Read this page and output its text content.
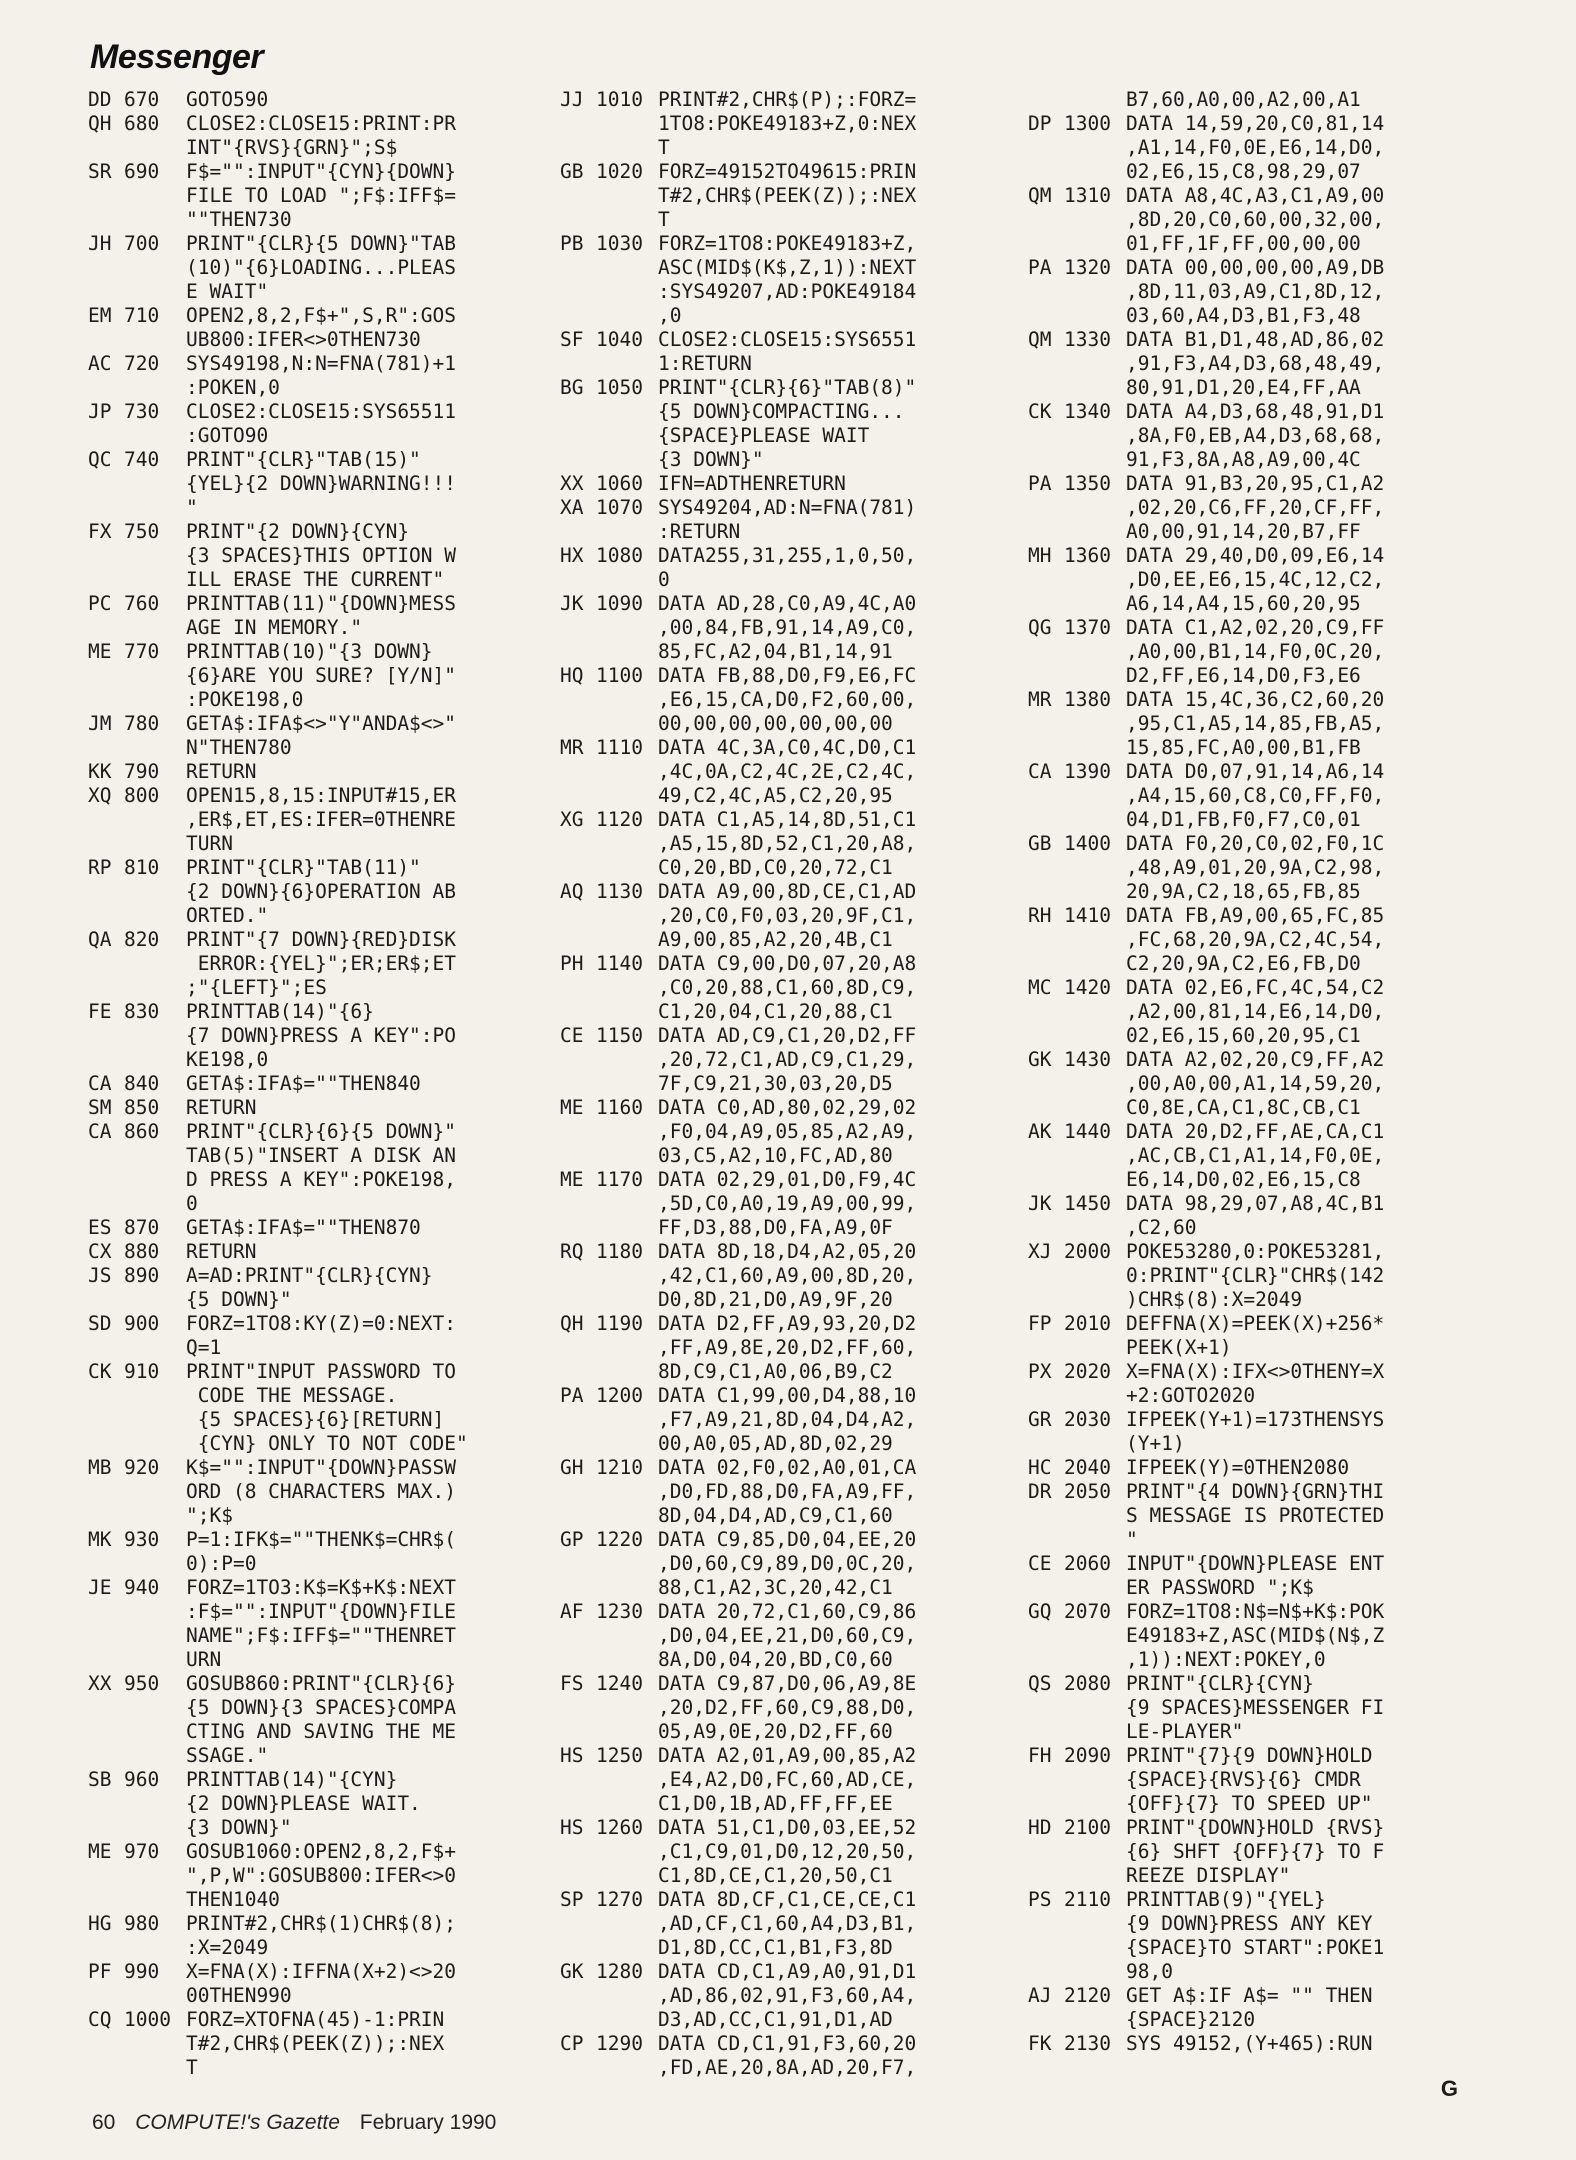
Messenger
DD 670	GOTO590
QH 680	CLOSE2:CLOSE15:PRINT:PR
INT"{RVS}{GRN}";S$
SR 690	F$="":INPUT"{CYN}{DOWN}
FILE TO LOAD ";F$:IFF$=
""THEN730
JH 700	PRINT"{CLR}{5 DOWN}"TAB
(10)"{6}LOADING...PLEAS
E WAIT"
EM 710	OPEN2,8,2,F$+",S,R":GOS
UB800:IFER<>0THEN730
AC 720	SYS49198,N:N=FNA(781)+1
:POKEN,0
JP 730	CLOSE2:CLOSE15:SYS65511
:GOTO90
QC 740	PRINT"{CLR}"TAB(15)"
{YEL}{2 DOWN}WARNING!!!
"
FX 750	PRINT"{2 DOWN}{CYN}
{3 SPACES}THIS OPTION W
ILL ERASE THE CURRENT"
PC 760	PRINTTAB(11)"{DOWN}MESS
AGE IN MEMORY."
ME 770	PRINTTAB(10)"{3 DOWN}
{6}ARE YOU SURE? [Y/N]"
:POKE198,0
JM 780	GETA$:IFA$<>"Y"ANDA$<>"
N"THEN780
KK 790	RETURN
XQ 800	OPEN15,8,15:INPUT#15,ER
,ER$,ET,ES:IFER=0THENRE
TURN
RP 810	PRINT"{CLR}"TAB(11)"
{2 DOWN}{6}OPERATION AB
ORTED."
QA 820	PRINT"{7 DOWN}{RED}DISK
ERROR:{YEL}";ER;ER$;ET
;"{LEFT}";ES
FE 830	PRINTTAB(14)"{6}
{7 DOWN}PRESS A KEY":PO
KE198,0
CA 840	GETA$:IFA$=""THEN840
SM 850	RETURN
CA 860	PRINT"{CLR}{6}{5 DOWN}"
TAB(5)"INSERT A DISK AN
D PRESS A KEY":POKE198,
0
ES 870	GETA$:IFA$=""THEN870
CX 880	RETURN
JS 890	A=AD:PRINT"{CLR}{CYN}
{5 DOWN}"
SD 900	FORZ=1TO8:KY(Z)=0:NEXT:
Q=1
CK 910	PRINT"INPUT PASSWORD TO
CODE THE MESSAGE.
{5 SPACES}{6}[RETURN]
{CYN} ONLY TO NOT CODE"
MB 920	K$="":INPUT"{DOWN}PASSW
ORD (8 CHARACTERS MAX.)
";K$
MK 930	P=1:IFK$=""THENK$=CHR$(
0):P=0
JE 940	FORZ=1TO3:K$=K$+K$:NEXT
:F$="":INPUT"{DOWN}FILE
NAME";F$:IFF$=""THENRET
URN
XX 950	GOSUB860:PRINT"{CLR}{6}
{5 DOWN}{3 SPACES}COMPA
CTING AND SAVING THE ME
SSAGE."
SB 960	PRINTTAB(14)"{CYN}
{2 DOWN}PLEASE WAIT.
{3 DOWN}"
ME 970	GOSUB1060:OPEN2,8,2,F$+
",P,W":GOSUB800:IFER<>0
THEN1040
HG 980	PRINT#2,CHR$(1)CHR$(8);
:X=2049
PF 990	X=FNA(X):IFFNA(X+2)<>20
00THEN990
CQ 1000 FORZ=XTOFNA(45)-1:PRIN
T#2,CHR$(PEEK(Z));:NEX
T
JJ 1010 PRINT#2,CHR$(P);:FORZ=
1TO8:POKE49183+Z,0:NEX
T
GB 1020 FORZ=49152TO49615:PRIN
T#2,CHR$(PEEK(Z));:NEX
T
PB 1030 FORZ=1TO8:POKE49183+Z,
ASC(MID$(K$,Z,1)):NEXT
:SYS49207,AD:POKE49184
,0
SF 1040 CLOSE2:CLOSE15:SYS6551
1:RETURN
BG 1050 PRINT"{CLR}{6}"TAB(8)"
{5 DOWN}COMPACTING...
{SPACE}PLEASE WAIT
{3 DOWN}"
XX 1060 IFN=ADTHENRETURN
XA 1070 SYS49204,AD:N=FNA(781)
:RETURN
HX 1080 DATA255,31,255,1,0,50,
0
JK 1090 DATA AD,28,C0,A9,4C,A0
,00,84,FB,91,14,A9,C0,
85,FC,A2,04,B1,14,91
HQ 1100 DATA FB,88,D0,F9,E6,FC
,E6,15,CA,D0,F2,60,00,
00,00,00,00,00,00,00
MR 1110 DATA 4C,3A,C0,4C,D0,C1
,4C,0A,C2,4C,2E,C2,4C,
49,C2,4C,A5,C2,20,95
XG 1120 DATA C1,A5,14,8D,51,C1
,A5,15,8D,52,C1,20,A8,
C0,20,BD,C0,20,72,C1
AQ 1130 DATA A9,00,8D,CE,C1,AD
,20,C0,F0,03,20,9F,C1,
A9,00,85,A2,20,4B,C1
PH 1140 DATA C9,00,D0,07,20,A8
,C0,20,88,C1,60,8D,C9,
C1,20,04,C1,20,88,C1
CE 1150 DATA AD,C9,C1,20,D2,FF
,20,72,C1,AD,C9,C1,29,
7F,C9,21,30,03,20,D5
ME 1160 DATA C0,AD,80,02,29,02
,F0,04,A9,05,85,A2,A9,
03,C5,A2,10,FC,AD,80
ME 1170 DATA 02,29,01,D0,F9,4C
,5D,C0,A0,19,A9,00,99,
FF,D3,88,D0,FA,A9,0F
RQ 1180 DATA 8D,18,D4,A2,05,20
,42,C1,60,A9,00,8D,20,
D0,8D,21,D0,A9,9F,20
QH 1190 DATA D2,FF,A9,93,20,D2
,FF,A9,8E,20,D2,FF,60,
8D,C9,C1,A0,06,B9,C2
PA 1200 DATA C1,99,00,D4,88,10
,F7,A9,21,8D,04,D4,A2,
00,A0,05,AD,8D,02,29
GH 1210 DATA 02,F0,02,A0,01,CA
,D0,FD,88,D0,FA,A9,FF,
8D,04,D4,AD,C9,C1,60
GP 1220 DATA C9,85,D0,04,EE,20
,D0,60,C9,89,D0,0C,20,
88,C1,A2,3C,20,42,C1
AF 1230 DATA 20,72,C1,60,C9,86
,D0,04,EE,21,D0,60,C9,
8A,D0,04,20,BD,C0,60
FS 1240 DATA C9,87,D0,06,A9,8E
,20,D2,FF,60,C9,88,D0,
05,A9,0E,20,D2,FF,60
HS 1250 DATA A2,01,A9,00,85,A2
,E4,A2,D0,FC,60,AD,CE,
C1,D0,1B,AD,FF,FF,EE
HS 1260 DATA 51,C1,D0,03,EE,52
,C1,C9,01,D0,12,20,50,
C1,8D,CE,C1,20,50,C1
SP 1270 DATA 8D,CF,C1,CE,CE,C1
,AD,CF,C1,60,A4,D3,B1,
D1,8D,CC,C1,B1,F3,8D
GK 1280 DATA CD,C1,A9,A0,91,D1
,AD,86,02,91,F3,60,A4,
D3,AD,CC,C1,91,D1,AD
CP 1290 DATA CD,C1,91,F3,60,20
,FD,AE,20,8A,AD,20,F7,
B7,60,A0,00,A2,00,A1
DP 1300 DATA 14,59,20,C0,81,14
,A1,14,F0,0E,E6,14,D0,
02,E6,15,C8,98,29,07
QM 1310 DATA A8,4C,A3,C1,A9,00
,8D,20,C0,60,00,32,00,
01,FF,1F,FF,00,00,00
PA 1320 DATA 00,00,00,00,A9,DB
,8D,11,03,A9,C1,8D,12,
03,60,A4,D3,B1,F3,48
QM 1330 DATA B1,D1,48,AD,86,02
,91,F3,A4,D3,68,48,49,
80,91,D1,20,E4,FF,AA
CK 1340 DATA A4,D3,68,48,91,D1
,8A,F0,EB,A4,D3,68,68,
91,F3,8A,A8,A9,00,4C
PA 1350 DATA 91,B3,20,95,C1,A2
,02,20,C6,FF,20,CF,FF,
A0,00,91,14,20,B7,FF
MH 1360 DATA 29,40,D0,09,E6,14
,D0,EE,E6,15,4C,12,C2,
A6,14,A4,15,60,20,95
QG 1370 DATA C1,A2,02,20,C9,FF
,A0,00,B1,14,F0,0C,20,
D2,FF,E6,14,D0,F3,E6
MR 1380 DATA 15,4C,36,C2,60,20
,95,C1,A5,14,85,FB,A5,
15,85,FC,A0,00,B1,FB
CA 1390 DATA D0,07,91,14,A6,14
,A4,15,60,C8,C0,FF,F0,
04,D1,FB,F0,F7,C0,01
GB 1400 DATA F0,20,C0,02,F0,1C
,48,A9,01,20,9A,C2,98,
20,9A,C2,18,65,FB,85
RH 1410 DATA FB,A9,00,65,FC,85
,FC,68,20,9A,C2,4C,54,
C2,20,9A,C2,E6,FB,D0
MC 1420 DATA 02,E6,FC,4C,54,C2
,A2,00,81,14,E6,14,D0,
02,E6,15,60,20,95,C1
GK 1430 DATA A2,02,20,C9,FF,A2
,00,A0,00,A1,14,59,20,
C0,8E,CA,C1,8C,CB,C1
AK 1440 DATA 20,D2,FF,AE,CA,C1
,AC,CB,C1,A1,14,F0,0E,
E6,14,D0,02,E6,15,C8
JK 1450 DATA 98,29,07,A8,4C,B1
,C2,60
XJ 2000 POKE53280,0:POKE53281,
0:PRINT"{CLR}"CHR$(142
)CHR$(8):X=2049
FP 2010 DEFFNA(X)=PEEK(X)+256*
PEEK(X+1)
PX 2020 X=FNA(X):IFX<>0THENY=X
+2:GOTO2020
GR 2030 IFPEEK(Y+1)=173THENSYS
(Y+1)
HC 2040 IFPEEK(Y)=0THEN2080
DR 2050 PRINT"{4 DOWN}{GRN}THI
S MESSAGE IS PROTECTED
"
CE 2060 INPUT"{DOWN}PLEASE ENT
ER PASSWORD ";K$
GQ 2070 FORZ=1TO8:N$=N$+K$:POK
E49183+Z,ASC(MID$(N$,Z
,1)):NEXT:POKEY,0
QS 2080 PRINT"{CLR}{CYN}
{9 SPACES}MESSENGER FI
LE-PLAYER"
FH 2090 PRINT"{7}{9 DOWN}HOLD
{SPACE}{RVS}{6} CMDR
{OFF}{7} TO SPEED UP"
HD 2100 PRINT"{DOWN}HOLD {RVS}
{6} SHFT {OFF}{7} TO F
REEZE DISPLAY"
PS 2110 PRINTTAB(9)"{YEL}
{9 DOWN}PRESS ANY KEY
{SPACE}TO START":POKE1
98,0
AJ 2120 GET A$:IF A$= "" THEN
{SPACE}2120
FK 2130 SYS 49152,(Y+465):RUN
G
60 COMPUTE!'s Gazette February 1990
